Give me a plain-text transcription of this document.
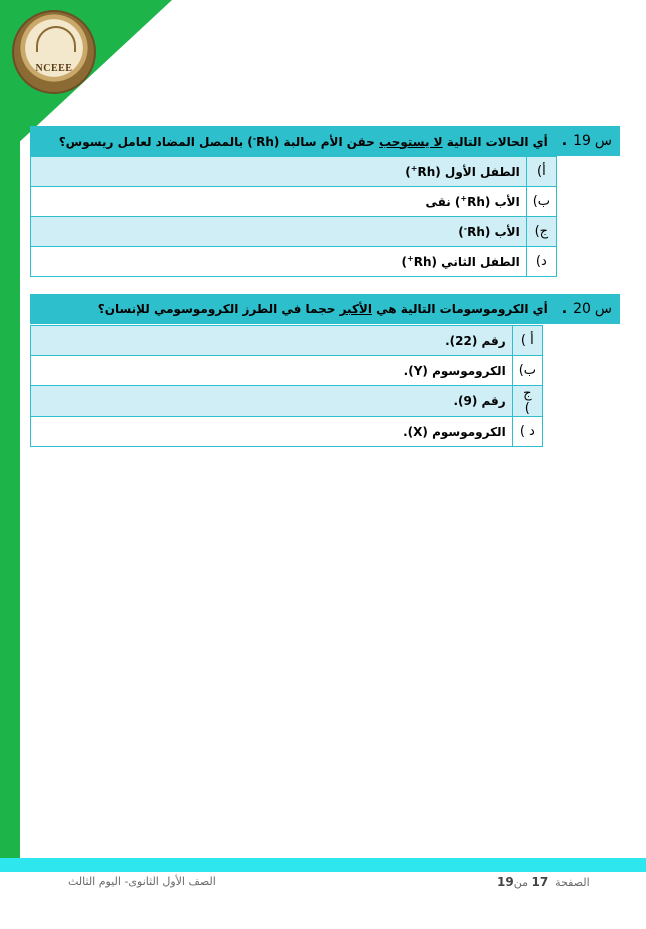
NCEEE
س
19
.
أي الحالات التالية لا يستوجب حقن الأم سالبة (Rh-) بالمصل المضاد لعامل ريسوس؟
أ)	الطفل الأول (Rh+)
ب)	الأب (Rh+) نقى
ج)	الأب (Rh-)
د)	الطفل الثاني (Rh+)
س
20
.
أي الكروموسومات التالية هي الأكبر حجما في الطرز الكروموسومي للإنسان؟
أ )	رقم (22).
ب)	الكروموسوم (Y).
ج )	رقم (9).
د )	الكروموسوم (X).
الصف الأول الثانوى- اليوم الثالث	الصفحة  17 من19
